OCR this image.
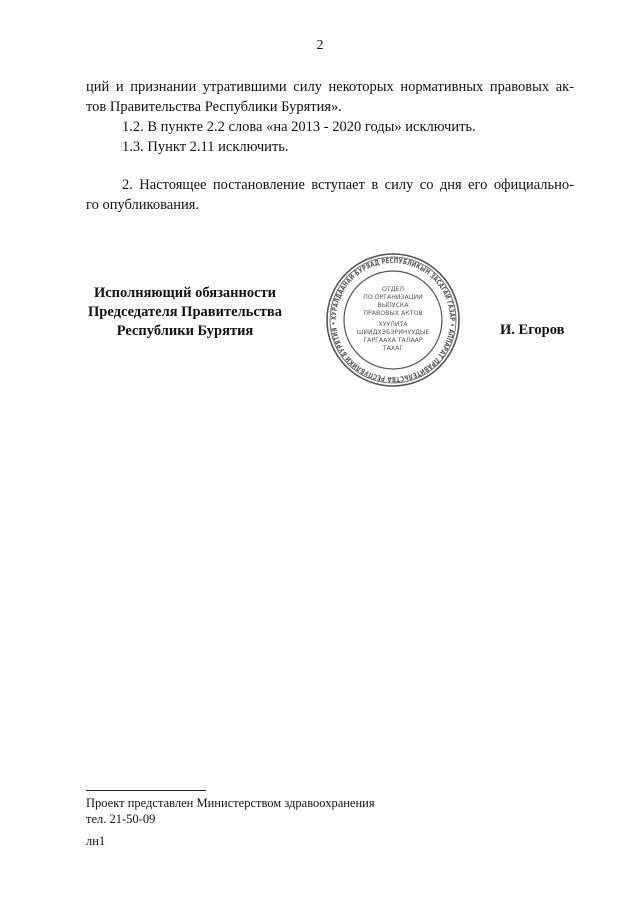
2
ций и признании утратившими силу некоторых нормативных правовых ак-
тов Правительства Республики Бурятия».
1.2. В пункте 2.2 слова «на 2013 - 2020 годы» исключить.
1.3. Пункт 2.11 исключить.
2. Настоящее постановление вступает в силу со дня его официально-
го опубликования.
Исполняющий обязанности
Председателя Правительства
Республики Бурятия	И. Егоров
ХУРАЛДААНАЙ БУРЯАД РЕСПУБЛИКЫН ЗАСАГАЙ ГАЗАР • АППАРАТ ПРАВИТЕЛЬСТВА РЕСПУБЛИКИ БУРЯТИЯ •
ОТДЕЛ
ПО ОРГАНИЗАЦИИ
ВЫПУСКА
ПРАВОВЫХ АКТОВ
ХУУЛИТА
ШИИДХЭБЭРИНУУДЫЕ
ГАРГААХА ТАЛААР
ТАХАГ
Проект представлен Министерством здравоохранения
тел. 21-50-09
лн1
